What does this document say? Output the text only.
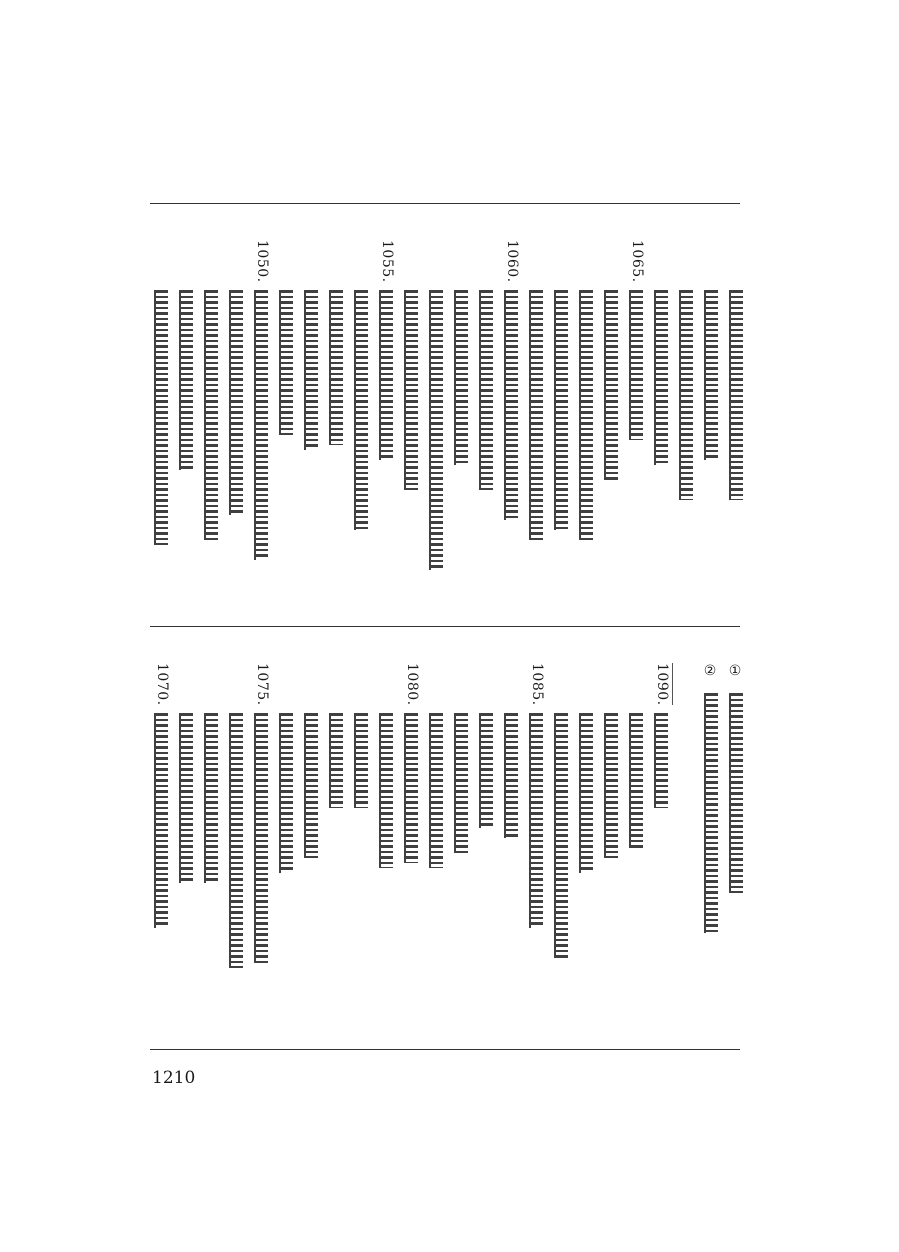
1050.	1055.	1060.	1065.
1070.	1075.	1080.	1085.	1090. ② ①
1210
